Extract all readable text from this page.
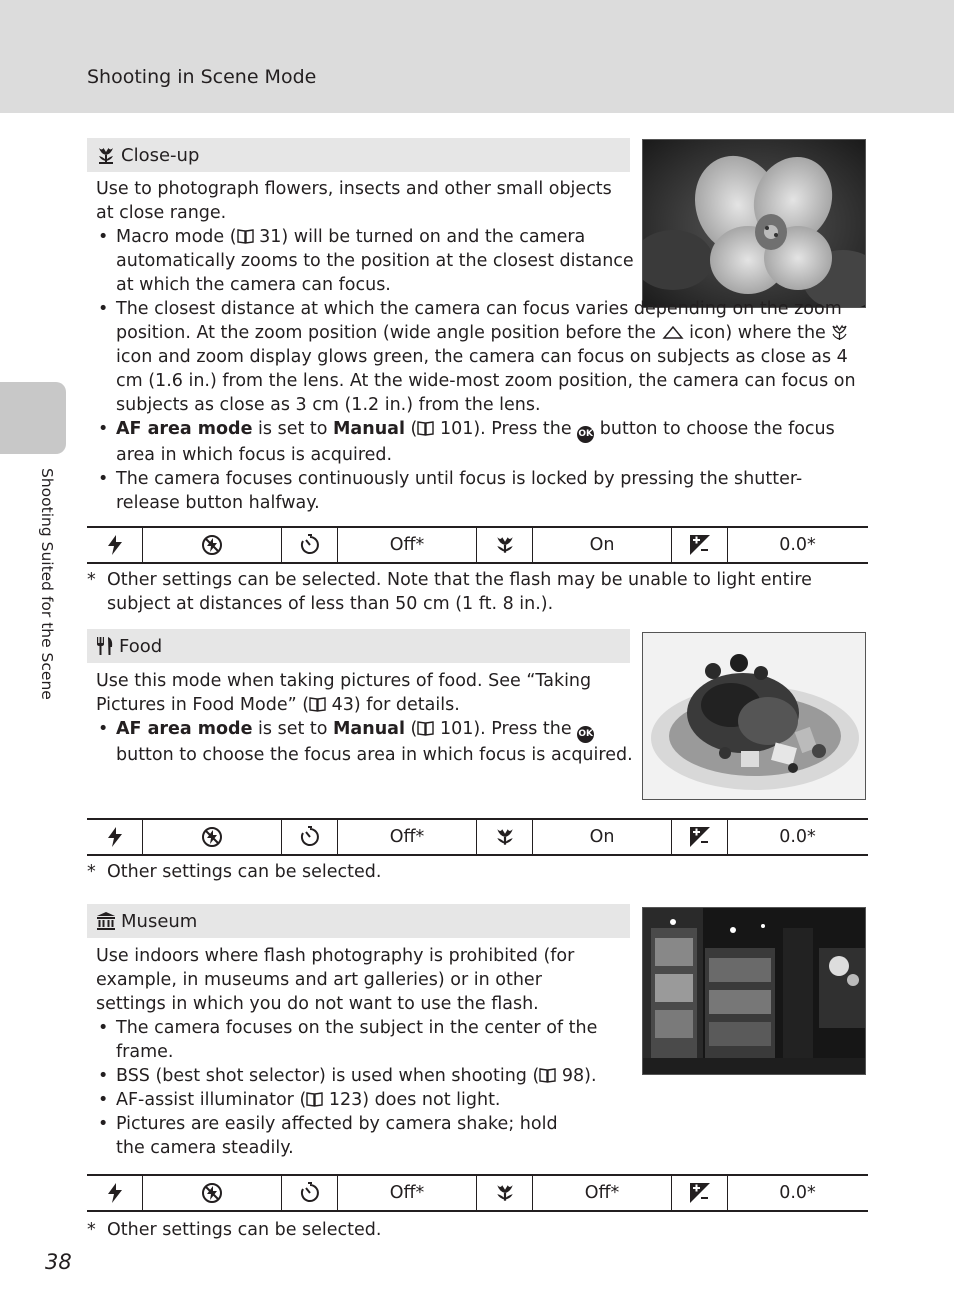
Shooting in Scene Mode
Shooting Suited for the Scene
Close-up

Use to photograph flowers, insects and other small objects at close range.

• Macro mode ( 31) will be turned on and the camera automatically zooms to the position at the closest distance at which the camera can focus.
• The closest distance at which the camera can focus varies depending on the zoom position. At the zoom position (wide angle position before the icon) where the
icon and zoom display glows green, the camera can focus on subjects as close as 4 cm (1.6 in.) from the lens. At the wide-most zoom position, the camera can focus on subjects as close as 3 cm (1.2 in.) from the lens.
• AF area mode is set to Manual ( 101). Press the OK button to choose the focus area in which focus is acquired.
• The camera focuses continuously until focus is locked by pressing the shutter-release button halfway.
Off*	On	0.0*
* Other settings can be selected. Note that the flash may be unable to light entire subject at distances of less than 50 cm (1 ft. 8 in.).
Food

Use this mode when taking pictures of food. See “Taking Pictures in Food Mode” ( 43) for details.

• AF area mode is set to Manual ( 101). Press the OK button to choose the focus area in which focus is acquired.
Off*	On	0.0*
* Other settings can be selected.
Museum

Use indoors where flash photography is prohibited (for example, in museums and art galleries) or in other settings in which you do not want to use the flash.

• The camera focuses on the subject in the center of the frame.
• BSS (best shot selector) is used when shooting ( 98).
• AF-assist illuminator ( 123) does not light.
• Pictures are easily affected by camera shake; hold the camera steadily.
Off*	Off*	0.0*
* Other settings can be selected.
38
